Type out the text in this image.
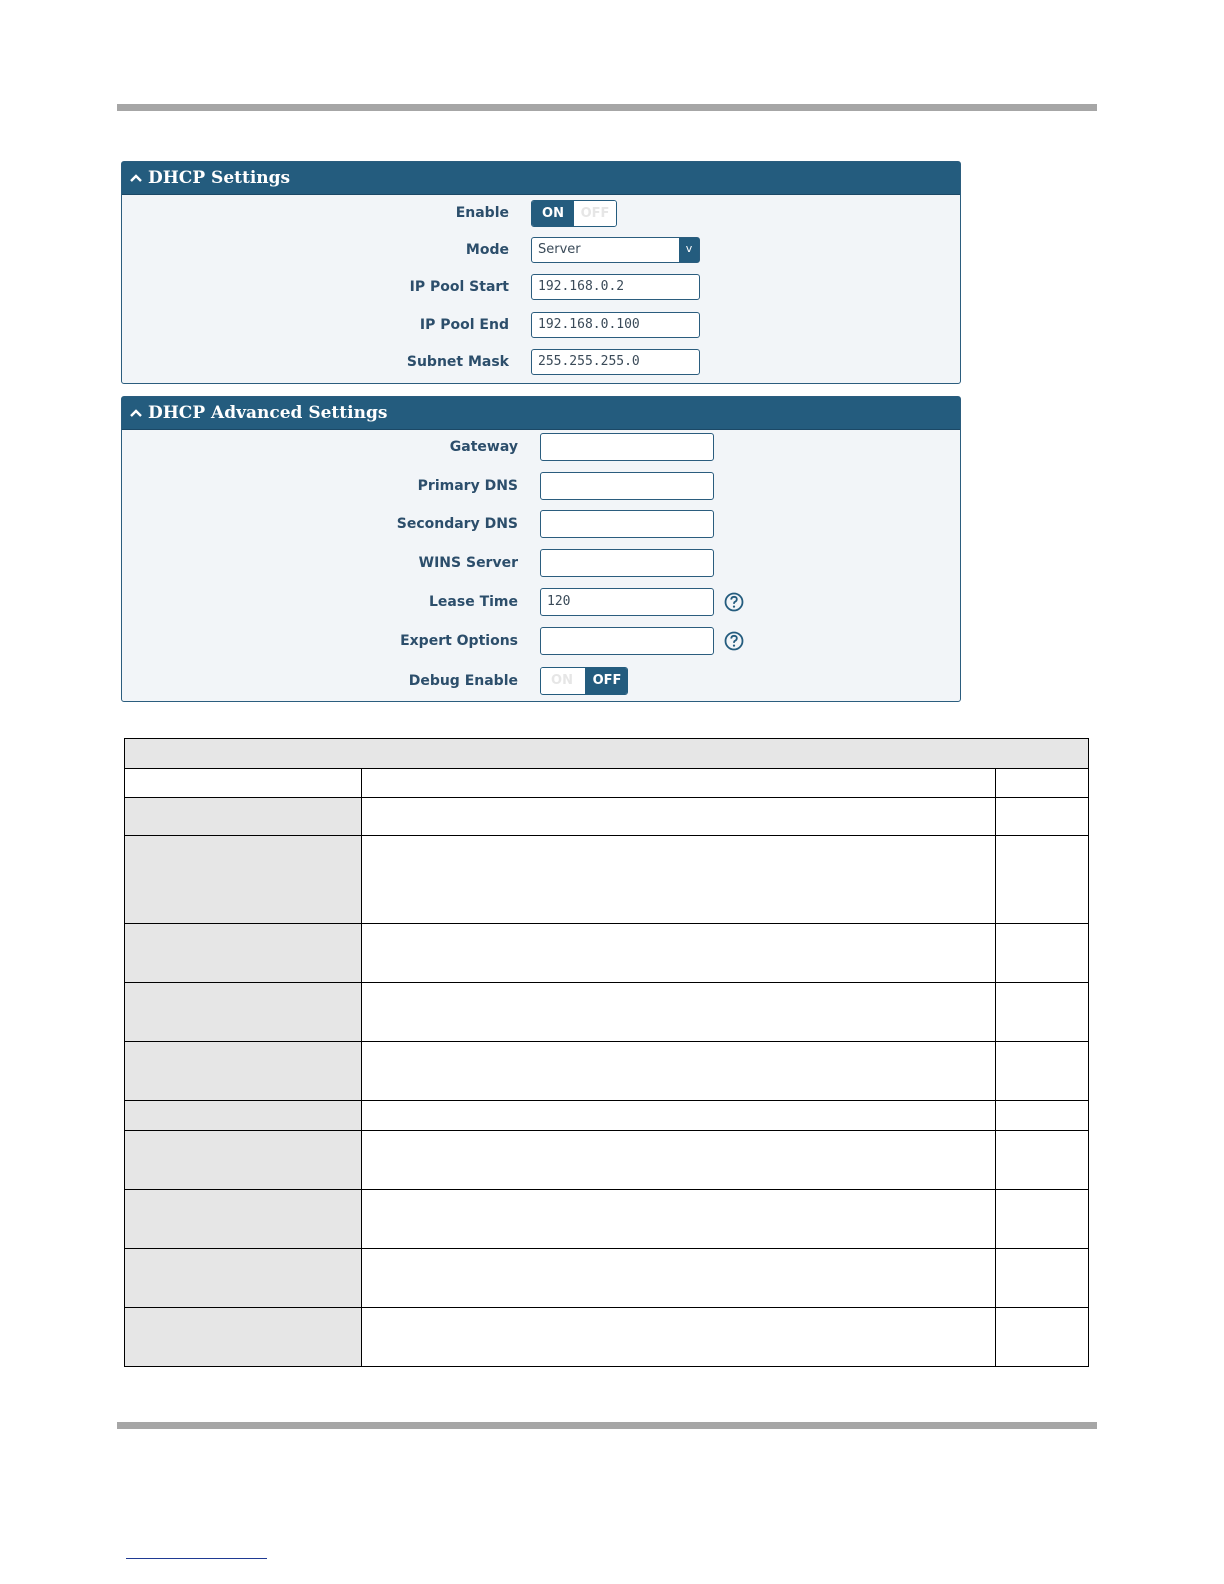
DHCP Settings
Enable	ON	OFF
Mode	Server	v
IP Pool Start	192.168.0.2
IP Pool End	192.168.0.100
Subnet Mask	255.255.255.0
DHCP Advanced Settings
Gateway
Primary DNS
Secondary DNS
WINS Server
Lease Time	120
Expert Options
Debug Enable	ON	OFF
